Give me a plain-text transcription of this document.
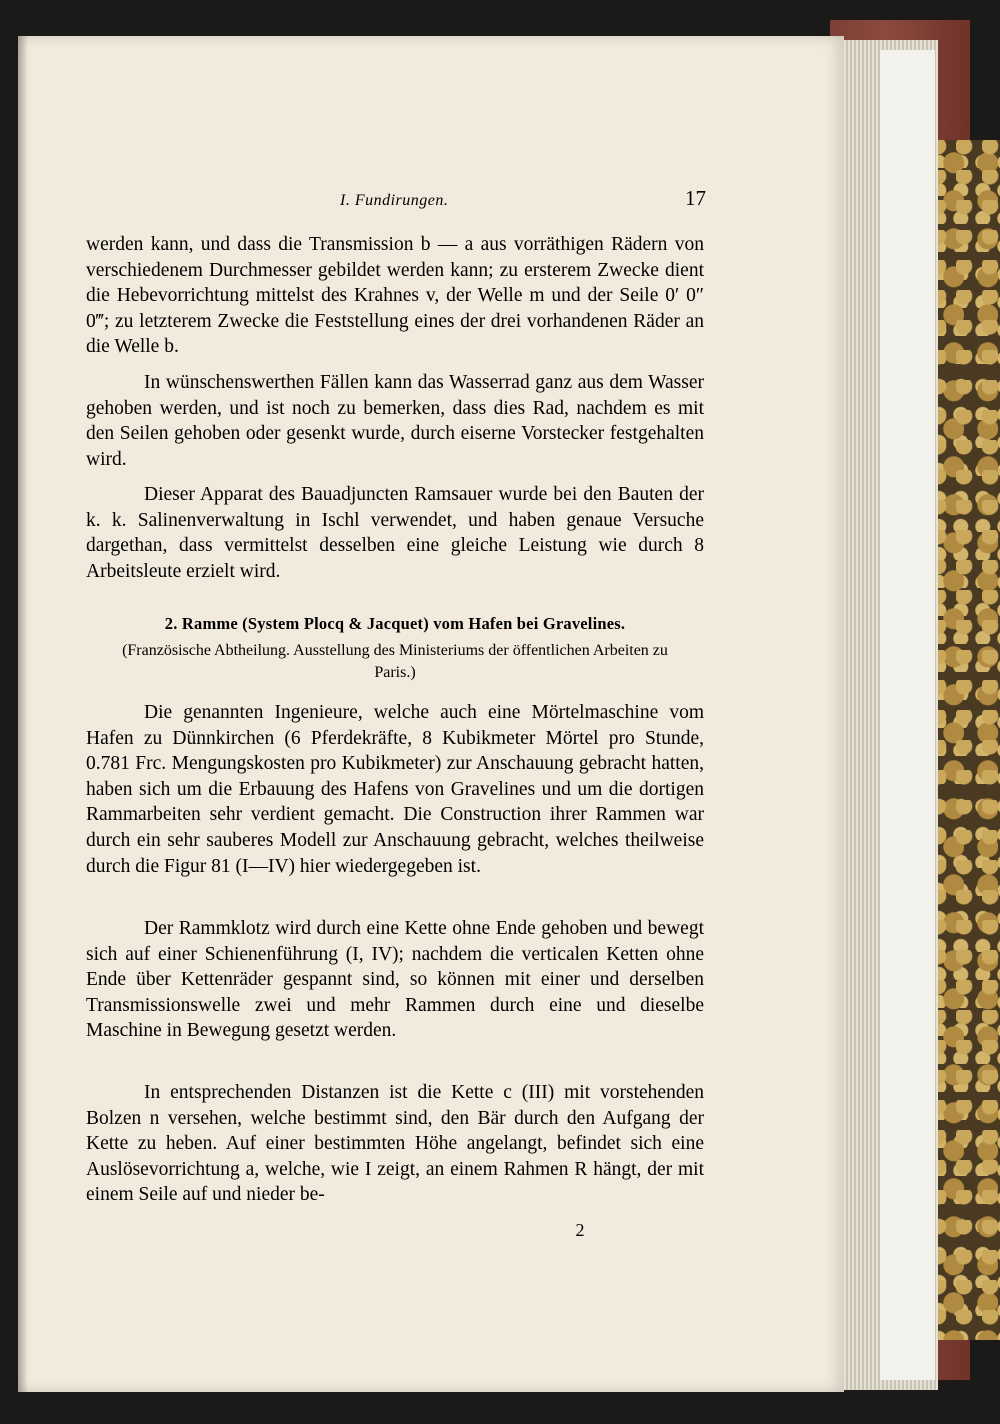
I. Fundirungen.	17

werden kann, und dass die Transmission b — a aus vorräthigen Rädern von verschiedenem Durchmesser gebildet werden kann; zu ersterem Zwecke dient die Hebevorrichtung mittelst des Krahnes v, der Welle m und der Seile 0′ 0″ 0‴; zu letzterem Zwecke die Feststellung eines der drei vorhandenen Räder an die Welle b.

In wünschenswerthen Fällen kann das Wasserrad ganz aus dem Wasser gehoben werden, und ist noch zu bemerken, dass dies Rad, nachdem es mit den Seilen gehoben oder gesenkt wurde, durch eiserne Vorstecker festgehalten wird.

Dieser Apparat des Bauadjuncten Ramsauer wurde bei den Bauten der k. k. Salinenverwaltung in Ischl verwendet, und haben genaue Versuche dargethan, dass vermittelst desselben eine gleiche Leistung wie durch 8 Arbeitsleute erzielt wird.

2. Ramme (System Plocq & Jacquet) vom Hafen bei Gravelines.
(Französische Abtheilung. Ausstellung des Ministeriums der öffentlichen Arbeiten zu Paris.)

Die genannten Ingenieure, welche auch eine Mörtelmaschine vom Hafen zu Dünnkirchen (6 Pferdekräfte, 8 Kubikmeter Mörtel pro Stunde, 0.781 Frc. Mengungskosten pro Kubikmeter) zur Anschauung gebracht hatten, haben sich um die Erbauung des Hafens von Gravelines und um die dortigen Rammarbeiten sehr verdient gemacht. Die Construction ihrer Rammen war durch ein sehr sauberes Modell zur Anschauung gebracht, welches theilweise durch die Figur 81 (I—IV) hier wiedergegeben ist.

Der Rammklotz wird durch eine Kette ohne Ende gehoben und bewegt sich auf einer Schienenführung (I, IV); nachdem die verticalen Ketten ohne Ende über Kettenräder gespannt sind, so können mit einer und derselben Transmissionswelle zwei und mehr Rammen durch eine und dieselbe Maschine in Bewegung gesetzt werden.

In entsprechenden Distanzen ist die Kette c (III) mit vorstehenden Bolzen n versehen, welche bestimmt sind, den Bär durch den Aufgang der Kette zu heben. Auf einer bestimmten Höhe angelangt, befindet sich eine Auslösevorrichtung a, welche, wie I zeigt, an einem Rahmen R hängt, der mit einem Seile auf und nieder be-

2
